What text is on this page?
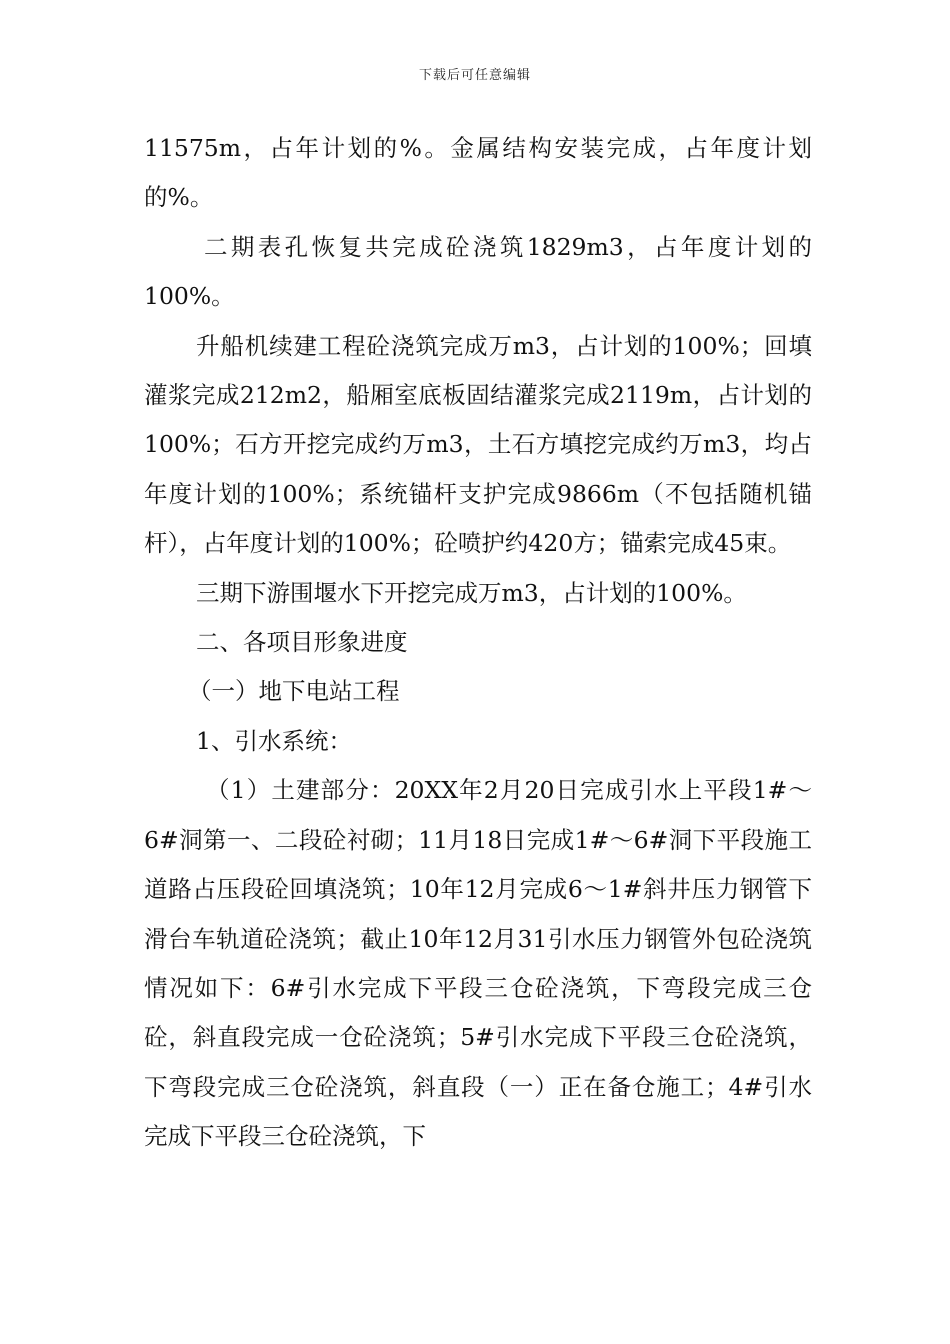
下载后可任意编辑

11575m，占年计划的%。金属结构安装完成，占年度计划的%。

二期表孔恢复共完成砼浇筑1829m3，占年度计划的100%。

升船机续建工程砼浇筑完成万m3，占计划的100%；回填灌浆完成212m2，船厢室底板固结灌浆完成2119m，占计划的100%；石方开挖完成约万m3，土石方填挖完成约万m3，均占年度计划的100%；系统锚杆支护完成9866m（不包括随机锚杆），占年度计划的100%；砼喷护约420方；锚索完成45束。

三期下游围堰水下开挖完成万m3，占计划的100%。

二、各项目形象进度

（一）地下电站工程

1、引水系统：

（1）土建部分：20XX年2月20日完成引水上平段1#～6#洞第一、二段砼衬砌；11月18日完成1#～6#洞下平段施工道路占压段砼回填浇筑；10年12月完成6～1#斜井压力钢管下滑台车轨道砼浇筑；截止10年12月31引水压力钢管外包砼浇筑情况如下：6#引水完成下平段三仓砼浇筑，下弯段完成三仓砼，斜直段完成一仓砼浇筑；5#引水完成下平段三仓砼浇筑，下弯段完成三仓砼浇筑，斜直段（一）正在备仓施工；4#引水完成下平段三仓砼浇筑，下
